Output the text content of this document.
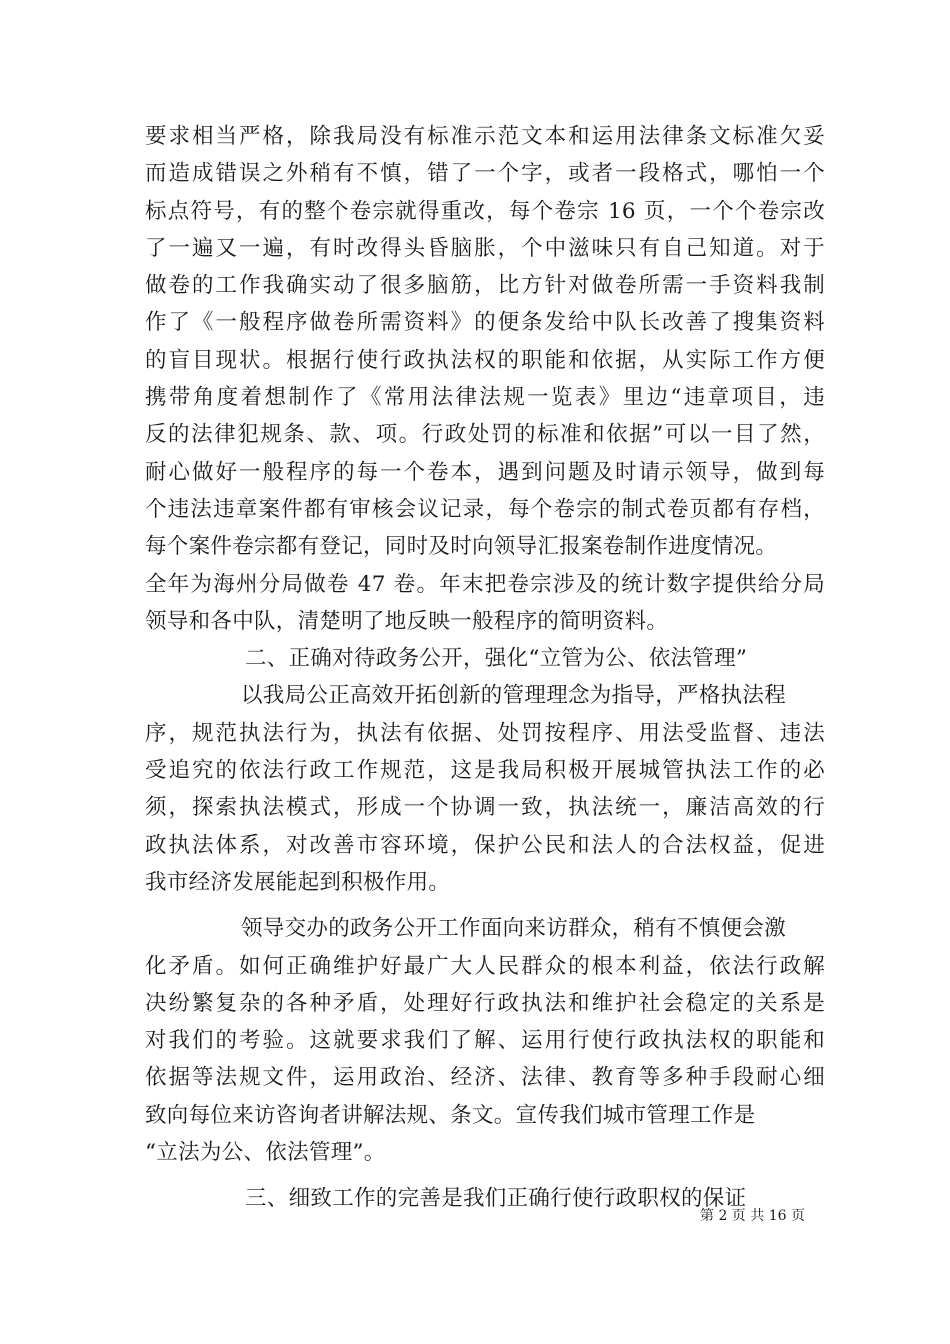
要求相当严格，除我局没有标准示范文本和运用法律条文标准欠妥
而造成错误之外稍有不慎，错了一个字，或者一段格式，哪怕一个
标点符号，有的整个卷宗就得重改，每个卷宗 16 页，一个个卷宗改
了一遍又一遍，有时改得头昏脑胀，个中滋味只有自己知道。对于
做卷的工作我确实动了很多脑筋，比方针对做卷所需一手资料我制
作了《一般程序做卷所需资料》的便条发给中队长改善了搜集资料
的盲目现状。根据行使行政执法权的职能和依据，从实际工作方便
携带角度着想制作了《常用法律法规一览表》里边“违章项目，违
反的法律犯规条、款、项。行政处罚的标准和依据”可以一目了然，
耐心做好一般程序的每一个卷本，遇到问题及时请示领导，做到每
个违法违章案件都有审核会议记录，每个卷宗的制式卷页都有存档，
每个案件卷宗都有登记，同时及时向领导汇报案卷制作进度情况。
全年为海州分局做卷 47 卷。年末把卷宗涉及的统计数字提供给分局
领导和各中队，清楚明了地反映一般程序的简明资料。
二、正确对待政务公开，强化“立管为公、依法管理”
以我局公正高效开拓创新的管理理念为指导，严格执法程
序，规范执法行为，执法有依据、处罚按程序、用法受监督、违法
受追究的依法行政工作规范，这是我局积极开展城管执法工作的必
须，探索执法模式，形成一个协调一致，执法统一，廉洁高效的行
政执法体系，对改善市容环境，保护公民和法人的合法权益，促进
我市经济发展能起到积极作用。
领导交办的政务公开工作面向来访群众，稍有不慎便会激
化矛盾。如何正确维护好最广大人民群众的根本利益，依法行政解
决纷繁复杂的各种矛盾，处理好行政执法和维护社会稳定的关系是
对我们的考验。这就要求我们了解、运用行使行政执法权的职能和
依据等法规文件，运用政治、经济、法律、教育等多种手段耐心细
致向每位来访咨询者讲解法规、条文。宣传我们城市管理工作是
“立法为公、依法管理”。
三、细致工作的完善是我们正确行使行政职权的保证
第 2 页 共 16 页
